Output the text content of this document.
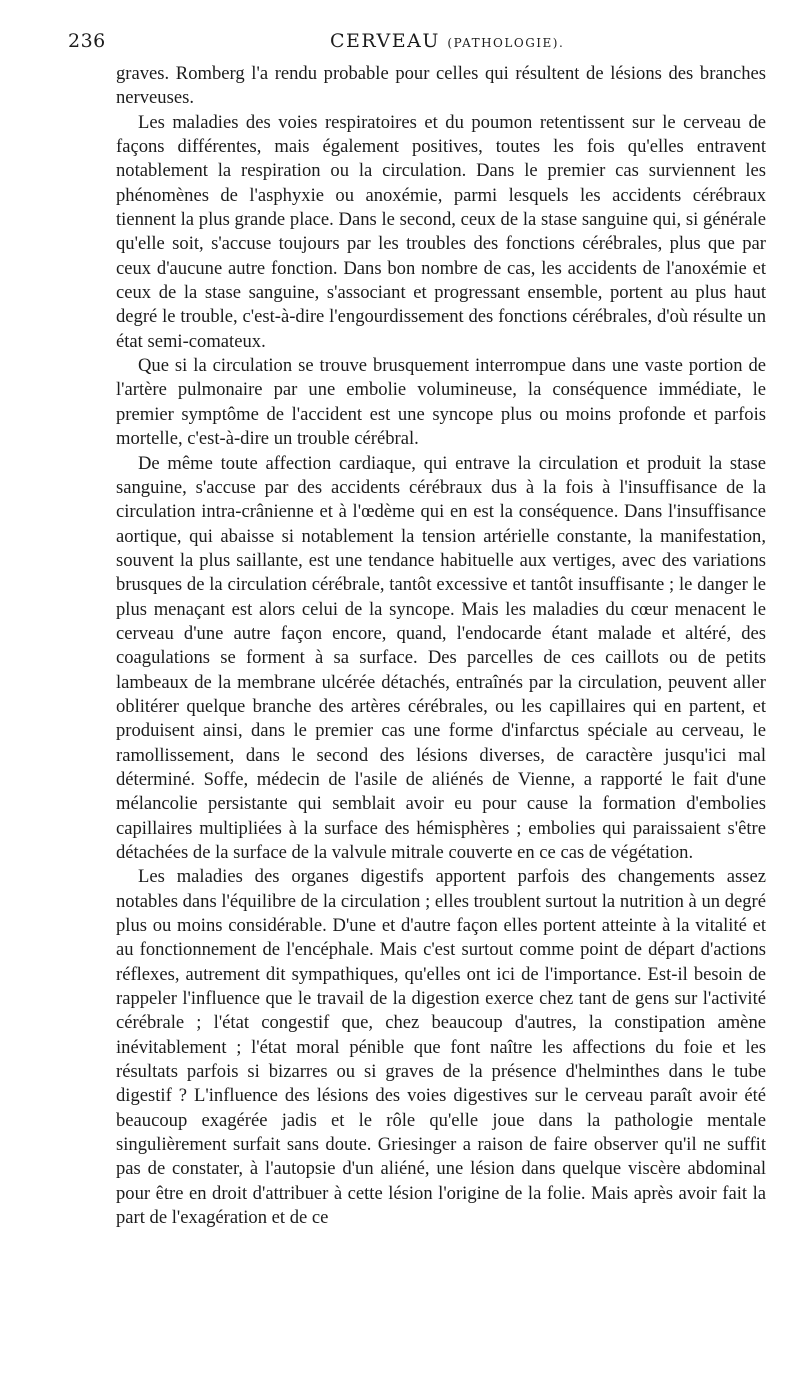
236	CERVEAU (PATHOLOGIE).

graves. Romberg l'a rendu probable pour celles qui résultent de lésions des branches nerveuses.

Les maladies des voies respiratoires et du poumon retentissent sur le cerveau de façons différentes, mais également positives, toutes les fois qu'elles entravent notablement la respiration ou la circulation. Dans le premier cas surviennent les phénomènes de l'asphyxie ou anoxémie, parmi lesquels les accidents cérébraux tiennent la plus grande place. Dans le second, ceux de la stase sanguine qui, si générale qu'elle soit, s'accuse toujours par les troubles des fonctions cérébrales, plus que par ceux d'aucune autre fonction. Dans bon nombre de cas, les accidents de l'anoxémie et ceux de la stase sanguine, s'associant et progressant ensemble, portent au plus haut degré le trouble, c'est-à-dire l'engourdissement des fonctions cérébrales, d'où résulte un état semi-comateux.

Que si la circulation se trouve brusquement interrompue dans une vaste portion de l'artère pulmonaire par une embolie volumineuse, la conséquence immédiate, le premier symptôme de l'accident est une syncope plus ou moins profonde et parfois mortelle, c'est-à-dire un trouble cérébral.

De même toute affection cardiaque, qui entrave la circulation et produit la stase sanguine, s'accuse par des accidents cérébraux dus à la fois à l'insuffisance de la circulation intra-crânienne et à l'œdème qui en est la conséquence. Dans l'insuffisance aortique, qui abaisse si notablement la tension artérielle constante, la manifestation, souvent la plus saillante, est une tendance habituelle aux vertiges, avec des variations brusques de la circulation cérébrale, tantôt excessive et tantôt insuffisante ; le danger le plus menaçant est alors celui de la syncope. Mais les maladies du cœur menacent le cerveau d'une autre façon encore, quand, l'endocarde étant malade et altéré, des coagulations se forment à sa surface. Des parcelles de ces caillots ou de petits lambeaux de la membrane ulcérée détachés, entraînés par la circulation, peuvent aller oblitérer quelque branche des artères cérébrales, ou les capillaires qui en partent, et produisent ainsi, dans le premier cas une forme d'infarctus spéciale au cerveau, le ramollissement, dans le second des lésions diverses, de caractère jusqu'ici mal déterminé. Soffe, médecin de l'asile de aliénés de Vienne, a rapporté le fait d'une mélancolie persistante qui semblait avoir eu pour cause la formation d'embolies capillaires multipliées à la surface des hémisphères ; embolies qui paraissaient s'être détachées de la surface de la valvule mitrale couverte en ce cas de végétation.

Les maladies des organes digestifs apportent parfois des changements assez notables dans l'équilibre de la circulation ; elles troublent surtout la nutrition à un degré plus ou moins considérable. D'une et d'autre façon elles portent atteinte à la vitalité et au fonctionnement de l'encéphale. Mais c'est surtout comme point de départ d'actions réflexes, autrement dit sympathiques, qu'elles ont ici de l'importance. Est-il besoin de rappeler l'influence que le travail de la digestion exerce chez tant de gens sur l'activité cérébrale ; l'état congestif que, chez beaucoup d'autres, la constipation amène inévitablement ; l'état moral pénible que font naître les affections du foie et les résultats parfois si bizarres ou si graves de la présence d'helminthes dans le tube digestif ? L'influence des lésions des voies digestives sur le cerveau paraît avoir été beaucoup exagérée jadis et le rôle qu'elle joue dans la pathologie mentale singulièrement surfait sans doute. Griesinger a raison de faire observer qu'il ne suffit pas de constater, à l'autopsie d'un aliéné, une lésion dans quelque viscère abdominal pour être en droit d'attribuer à cette lésion l'origine de la folie. Mais après avoir fait la part de l'exagération et de ce
